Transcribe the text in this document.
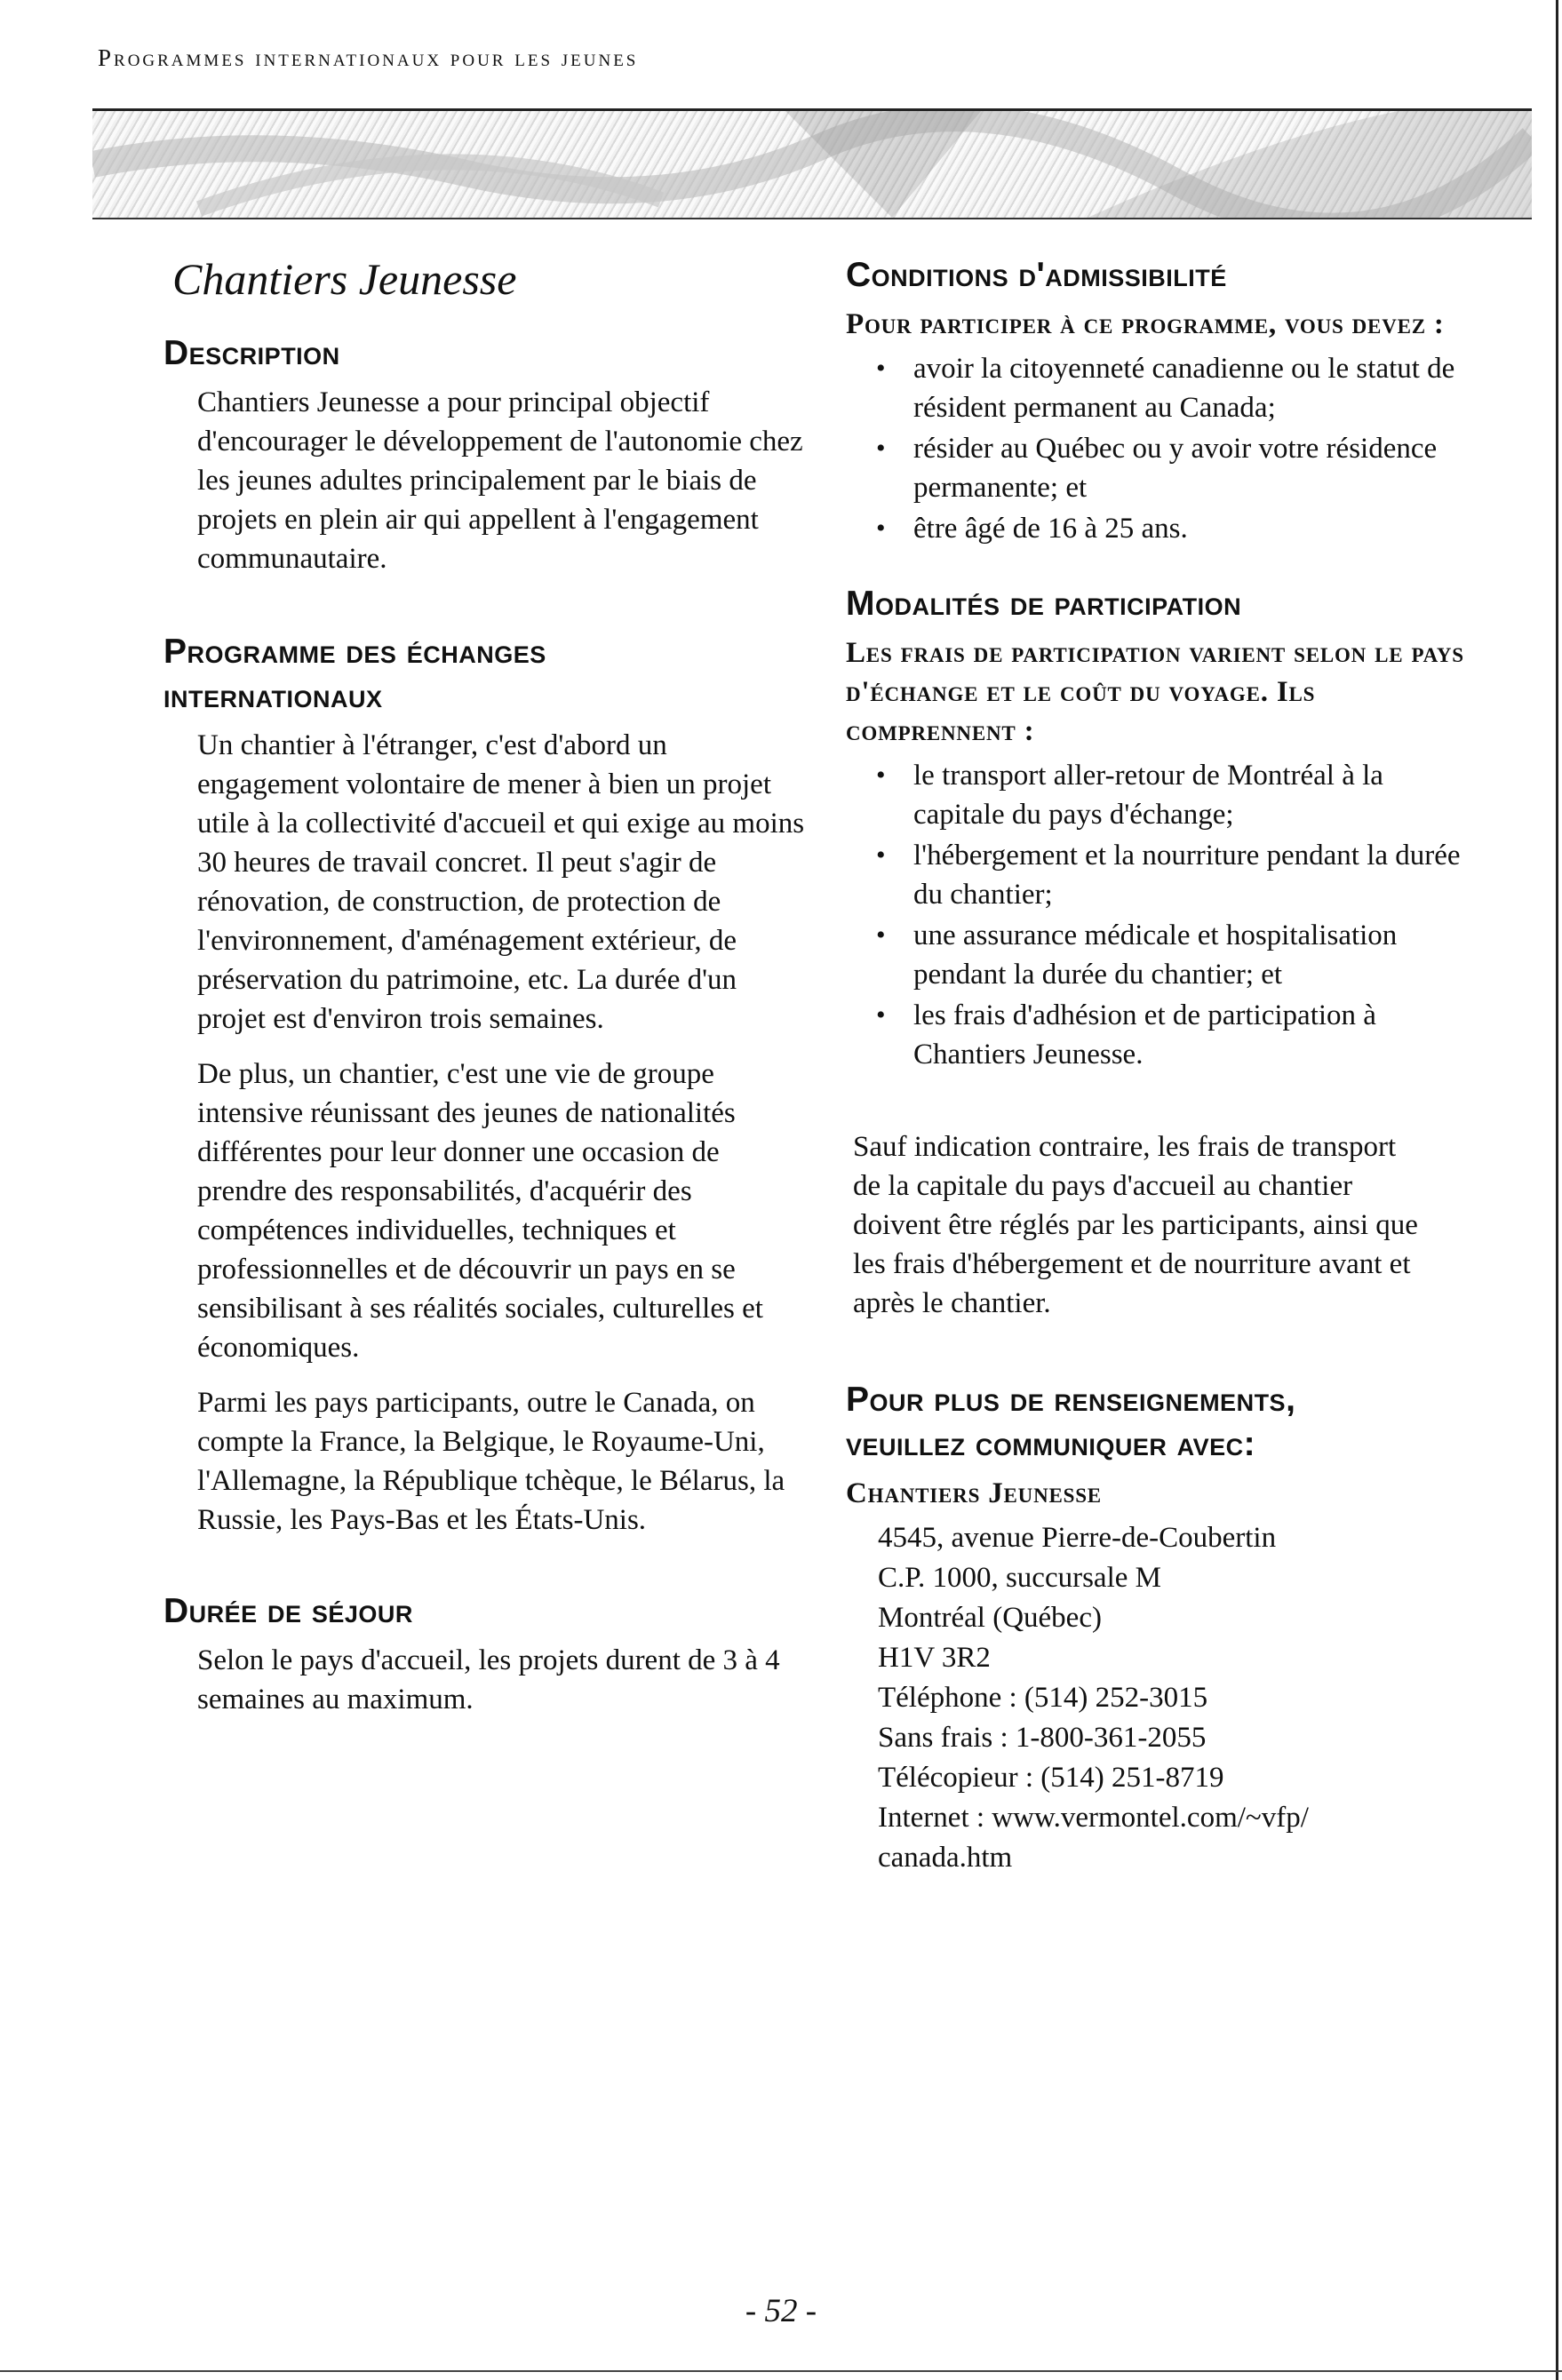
Programmes internationaux pour les jeunes
Chantiers Jeunesse
Description

Chantiers Jeunesse a pour principal objectif d'encourager le développement de l'autonomie chez les jeunes adultes principalement par le biais de projets en plein air qui appellent à l'engagement communautaire.

Programme des échanges
internationaux

Un chantier à l'étranger, c'est d'abord un engagement volontaire de mener à bien un projet utile à la collectivité d'accueil et qui exige au moins 30 heures de travail concret. Il peut s'agir de rénovation, de construction, de protection de l'environnement, d'aménagement extérieur, de préservation du patrimoine, etc. La durée d'un projet est d'environ trois semaines.

De plus, un chantier, c'est une vie de groupe intensive réunissant des jeunes de nationalités différentes pour leur donner une occasion de prendre des responsabilités, d'acquérir des compétences individuelles, techniques et professionnelles et de découvrir un pays en se sensibilisant à ses réalités sociales, culturelles et économiques.

Parmi les pays participants, outre le Canada, on compte la France, la Belgique, le Royaume-Uni, l'Allemagne, la République tchèque, le Bélarus, la Russie, les Pays-Bas et les États-Unis.

Durée de séjour

Selon le pays d'accueil, les projets durent de 3 à 4 semaines au maximum.

Conditions d'admissibilité
Pour participer à ce programme, vous devez :
• avoir la citoyenneté canadienne ou le statut de résident permanent au Canada;
• résider au Québec ou y avoir votre résidence permanente; et
• être âgé de 16 à 25 ans.
Modalités de participation
Les frais de participation varient selon le pays d'échange et le coût du voyage. Ils comprennent :
• le transport aller-retour de Montréal à la capitale du pays d'échange;
• l'hébergement et la nourriture pendant la durée du chantier;
• une assurance médicale et hospitalisation pendant la durée du chantier; et
• les frais d'adhésion et de participation à Chantiers Jeunesse.

Sauf indication contraire, les frais de transport de la capitale du pays d'accueil au chantier doivent être réglés par les participants, ainsi que les frais d'hébergement et de nourriture avant et après le chantier.

Pour plus de renseignements,
veuillez communiquer avec:
Chantiers Jeunesse
4545, avenue Pierre-de-Coubertin
C.P. 1000, succursale M
Montréal (Québec)
H1V 3R2
Téléphone : (514) 252-3015
Sans frais : 1-800-361-2055
Télécopieur : (514) 251-8719
Internet : www.vermontel.com/~vfp/
canada.htm
- 52 -
